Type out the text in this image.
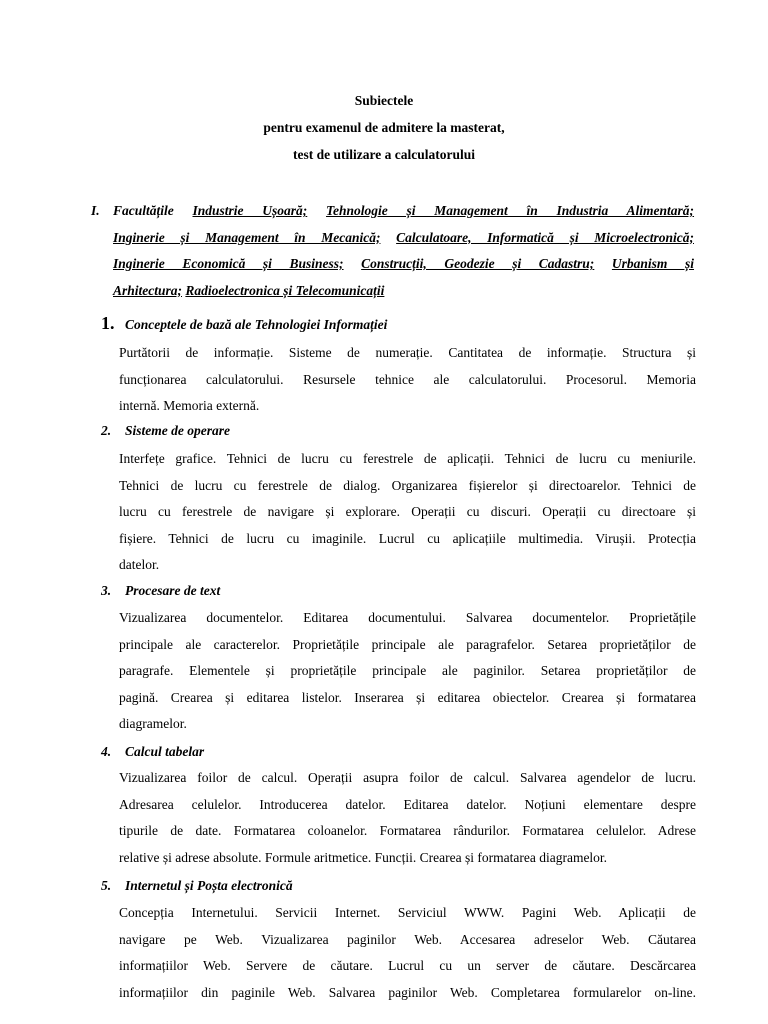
Subiectele
pentru examenul de admitere la masterat,
test de utilizare a calculatorului
I. Facultățile Industrie Ușoară; Tehnologie și Management în Industria Alimentară;
Inginerie și Management în Mecanică; Calculatoare, Informatică și Microelectronică;
Inginerie Economică și Business; Construcții, Geodezie și Cadastru; Urbanism și
Arhitectura; Radioelectronica și Telecomunicații
1. Conceptele de bază ale Tehnologiei Informației
Purtătorii de informație. Sisteme de numerație. Cantitatea de informație. Structura și
funcționarea calculatorului. Resursele tehnice ale calculatorului. Procesorul. Memoria
internă. Memoria externă.
2. Sisteme de operare
Interfețe grafice. Tehnici de lucru cu ferestrele de aplicații. Tehnici de lucru cu meniurile.
Tehnici de lucru cu ferestrele de dialog. Organizarea fișierelor și directoarelor. Tehnici de
lucru cu ferestrele de navigare și explorare. Operații cu discuri. Operații cu directoare și
fișiere. Tehnici de lucru cu imaginile. Lucrul cu aplicațiile multimedia. Virușii. Protecția
datelor.
3. Procesare de text
Vizualizarea documentelor. Editarea documentului. Salvarea documentelor. Proprietățile
principale ale caracterelor. Proprietățile principale ale paragrafelor. Setarea proprietăților de
paragrafe. Elementele și proprietățile principale ale paginilor. Setarea proprietăților de
pagină. Crearea și editarea listelor. Inserarea și editarea obiectelor. Crearea și formatarea
diagramelor.
4. Calcul tabelar
Vizualizarea foilor de calcul. Operații asupra foilor de calcul. Salvarea agendelor de lucru.
Adresarea celulelor. Introducerea datelor. Editarea datelor. Noțiuni elementare despre
tipurile de date. Formatarea coloanelor. Formatarea rândurilor. Formatarea celulelor. Adrese
relative și adrese absolute. Formule aritmetice. Funcții. Crearea și formatarea diagramelor.
5. Internetul și Poșta electronică
Concepția Internetului. Servicii Internet. Serviciul WWW. Pagini Web. Aplicații de
navigare pe Web. Vizualizarea paginilor Web. Accesarea adreselor Web. Căutarea
informațiilor Web. Servere de căutare. Lucrul cu un server de căutare. Descărcarea
informațiilor din paginile Web. Salvarea paginilor Web. Completarea formularelor on-line.
